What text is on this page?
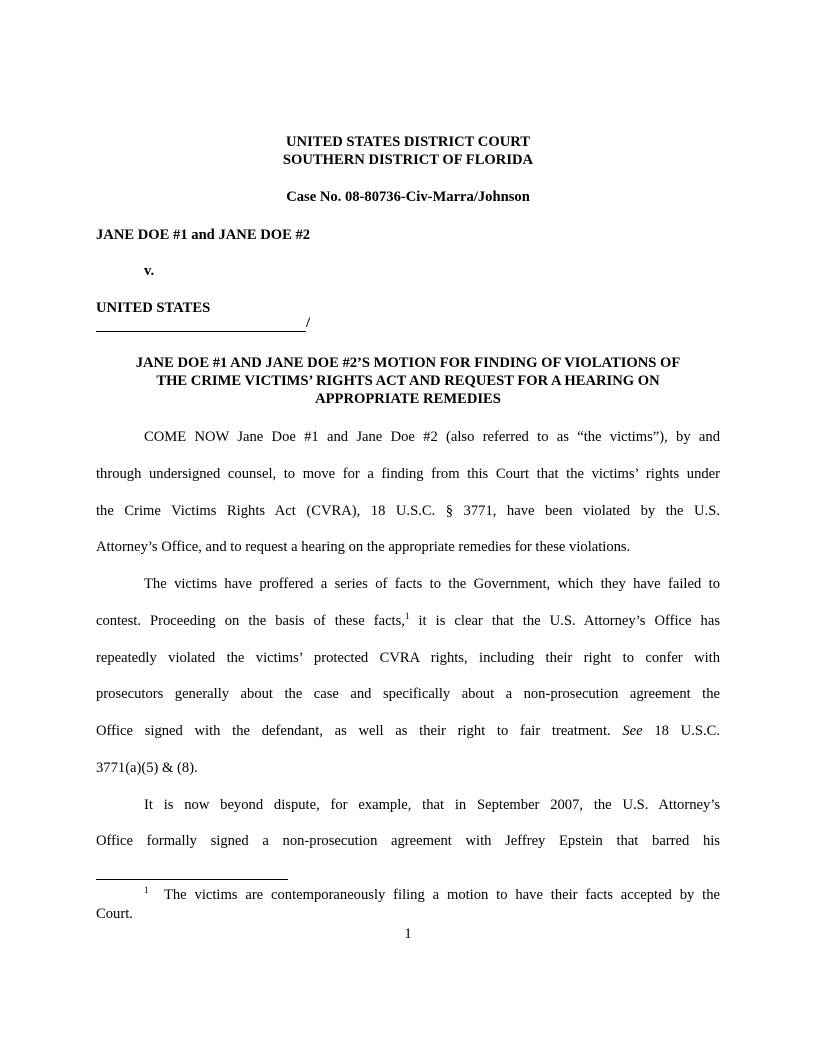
UNITED STATES DISTRICT COURT
SOUTHERN DISTRICT OF FLORIDA
Case No. 08-80736-Civ-Marra/Johnson
JANE DOE #1 and JANE DOE #2
v.
UNITED STATES
/
JANE DOE #1 AND JANE DOE #2’S MOTION FOR FINDING OF VIOLATIONS OF
THE CRIME VICTIMS’ RIGHTS ACT AND REQUEST FOR A HEARING ON
APPROPRIATE REMEDIES
COME NOW Jane Doe #1 and Jane Doe #2 (also referred to as “the victims”), by and
through undersigned counsel, to move for a finding from this Court that the victims’ rights under
the Crime Victims Rights Act (CVRA), 18 U.S.C. § 3771, have been violated by the U.S.
Attorney’s Office, and to request a hearing on the appropriate remedies for these violations.
The victims have proffered a series of facts to the Government, which they have failed to
contest. Proceeding on the basis of these facts,$^1$ it is clear that the U.S. Attorney’s Office has
repeatedly violated the victims’ protected CVRA rights, including their right to confer with
prosecutors generally about the case and specifically about a non-prosecution agreement the
Office signed with the defendant, as well as their right to fair treatment. See 18 U.S.C.
3771(a)(5) & (8).
It is now beyond dispute, for example, that in September 2007, the U.S. Attorney’s
Office formally signed a non-prosecution agreement with Jeffrey Epstein that barred his
$^1$ The victims are contemporaneously filing a motion to have their facts accepted by the
Court.
1
